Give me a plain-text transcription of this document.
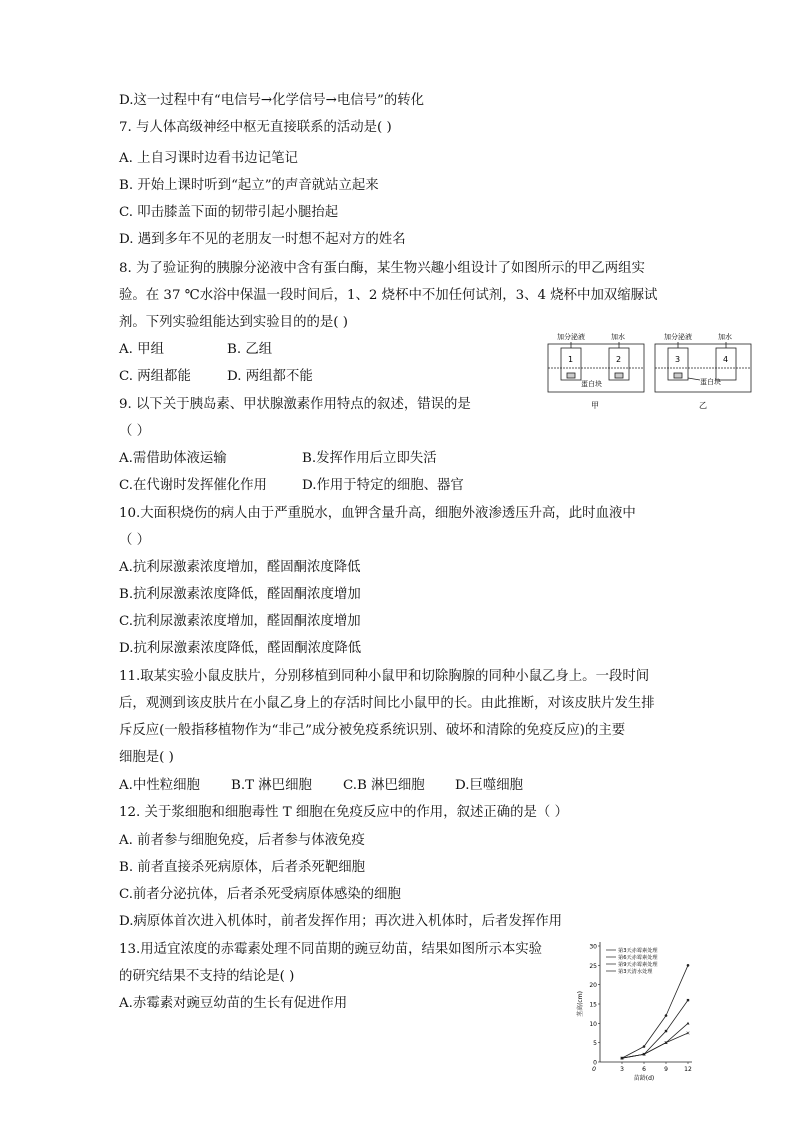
D.这一过程中有“电信号→化学信号→电信号”的转化
7. 与人体高级神经中枢无直接联系的活动是( )
A. 上自习课时边看书边记笔记
B. 开始上课时听到“起立”的声音就站立起来
C. 叩击膝盖下面的韧带引起小腿抬起
D. 遇到多年不见的老朋友一时想不起对方的姓名
8. 为了验证狗的胰腺分泌液中含有蛋白酶，某生物兴趣小组设计了如图所示的甲乙两组实
验。在 37 ℃水浴中保温一段时间后，1、2 烧杯中不加任何试剂，3、4 烧杯中加双缩脲试
剂。下列实验组能达到实验目的的是( )
A. 甲组	B. 乙组
C. 两组都能	D. 两组都不能
9. 以下关于胰岛素、甲状腺激素作用特点的叙述，错误的是
（ ）
A.需借助体液运输	B.发挥作用后立即失活
C.在代谢时发挥催化作用	D.作用于特定的细胞、器官
10.大面积烧伤的病人由于严重脱水，血钾含量升高，细胞外液渗透压升高，此时血液中
（ ）
A.抗利尿激素浓度增加，醛固酮浓度降低
B.抗利尿激素浓度降低，醛固酮浓度增加
C.抗利尿激素浓度增加，醛固酮浓度增加
D.抗利尿激素浓度降低，醛固酮浓度降低
11.取某实验小鼠皮肤片，分别移植到同种小鼠甲和切除胸腺的同种小鼠乙身上。一段时间
后，观测到该皮肤片在小鼠乙身上的存活时间比小鼠甲的长。由此推断，对该皮肤片发生排
斥反应(一般指移植物作为“非己”成分被免疫系统识别、破坏和清除的免疫反应)的主要
细胞是( )
A.中性粒细胞 B.T 淋巴细胞 C.B 淋巴细胞 D.巨噬细胞
12. 关于浆细胞和细胞毒性 T 细胞在免疫反应中的作用，叙述正确的是（ ）
A. 前者参与细胞免疫，后者参与体液免疫
B. 前者直接杀死病原体，后者杀死靶细胞
C.前者分泌抗体，后者杀死受病原体感染的细胞
D.病原体首次进入机体时，前者发挥作用；再次进入机体时，后者发挥作用
13.用适宜浓度的赤霉素处理不同苗期的豌豆幼苗，结果如图所示本实验
的研究结果不支持的结论是( )
A.赤霉素对豌豆幼苗的生长有促进作用
加分泌液	加水	加分泌液	加水
1	2	3	4
蛋白块	蛋白块
甲	乙
0
5
10
15
20
25
30
3	6	9	12
0
苗龄(d)
茎高(cm)
第3天赤霉素处理
第6天赤霉素处理
第9天赤霉素处理
第3天清水处理
